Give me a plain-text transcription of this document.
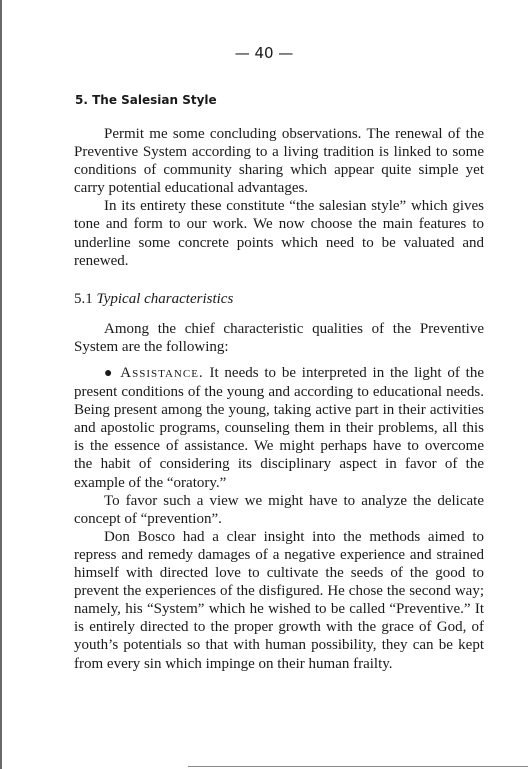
— 40 —
5. The Salesian Style

Permit me some concluding observations. The renewal of the Preventive System according to a living tradition is linked to some conditions of community sharing which appear quite simple yet carry potential educational advantages.

In its entirety these constitute “the salesian style” which gives tone and form to our work. We now choose the main features to underline some concrete points which need to be valuated and renewed.

5.1 Typical characteristics

Among the chief characteristic qualities of the Preventive System are the following:

● Assistance. It needs to be interpreted in the light of the present conditions of the young and according to educational needs. Being present among the young, taking active part in their activities and apostolic programs, counseling them in their problems, all this is the essence of assistance. We might perhaps have to overcome the habit of considering its disciplinary aspect in favor of the example of the “oratory.”

To favor such a view we might have to analyze the delicate concept of “prevention”.

Don Bosco had a clear insight into the methods aimed to repress and remedy damages of a negative experience and strained himself with directed love to cultivate the seeds of the good to prevent the experiences of the disfigured. He chose the second way; namely, his “System” which he wished to be called “Preventive.” It is entirely directed to the proper growth with the grace of God, of youth’s potentials so that with human possibility, they can be kept from every sin which impinge on their human frailty.
